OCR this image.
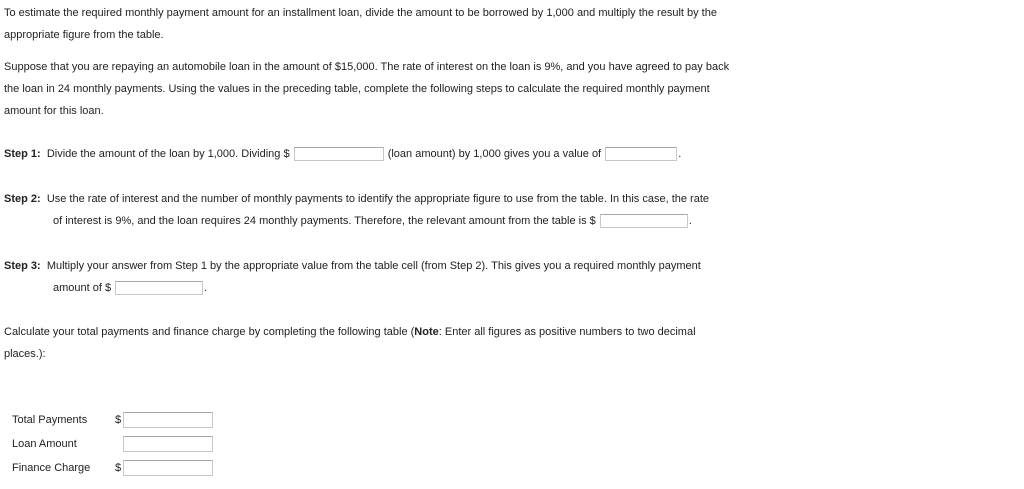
To estimate the required monthly payment amount for an installment loan, divide the amount to be borrowed by 1,000 and multiply the result by the
appropriate figure from the table.
Suppose that you are repaying an automobile loan in the amount of $15,000. The rate of interest on the loan is 9%, and you have agreed to pay back
the loan in 24 monthly payments. Using the values in the preceding table, complete the following steps to calculate the required monthly payment
amount for this loan.
Step 1: Divide the amount of the loan by 1,000. Dividing $	(loan amount) by 1,000 gives you a value of	.
Step 2: Use the rate of interest and the number of monthly payments to identify the appropriate figure to use from the table. In this case, the rate
of interest is 9%, and the loan requires 24 monthly payments. Therefore, the relevant amount from the table is $	.
Step 3: Multiply your answer from Step 1 by the appropriate value from the table cell (from Step 2). This gives you a required monthly payment
amount of $	.
Calculate your total payments and finance charge by completing the following table (Note: Enter all figures as positive numbers to two decimal
places.):
Total Payments	$
Loan Amount
Finance Charge $
